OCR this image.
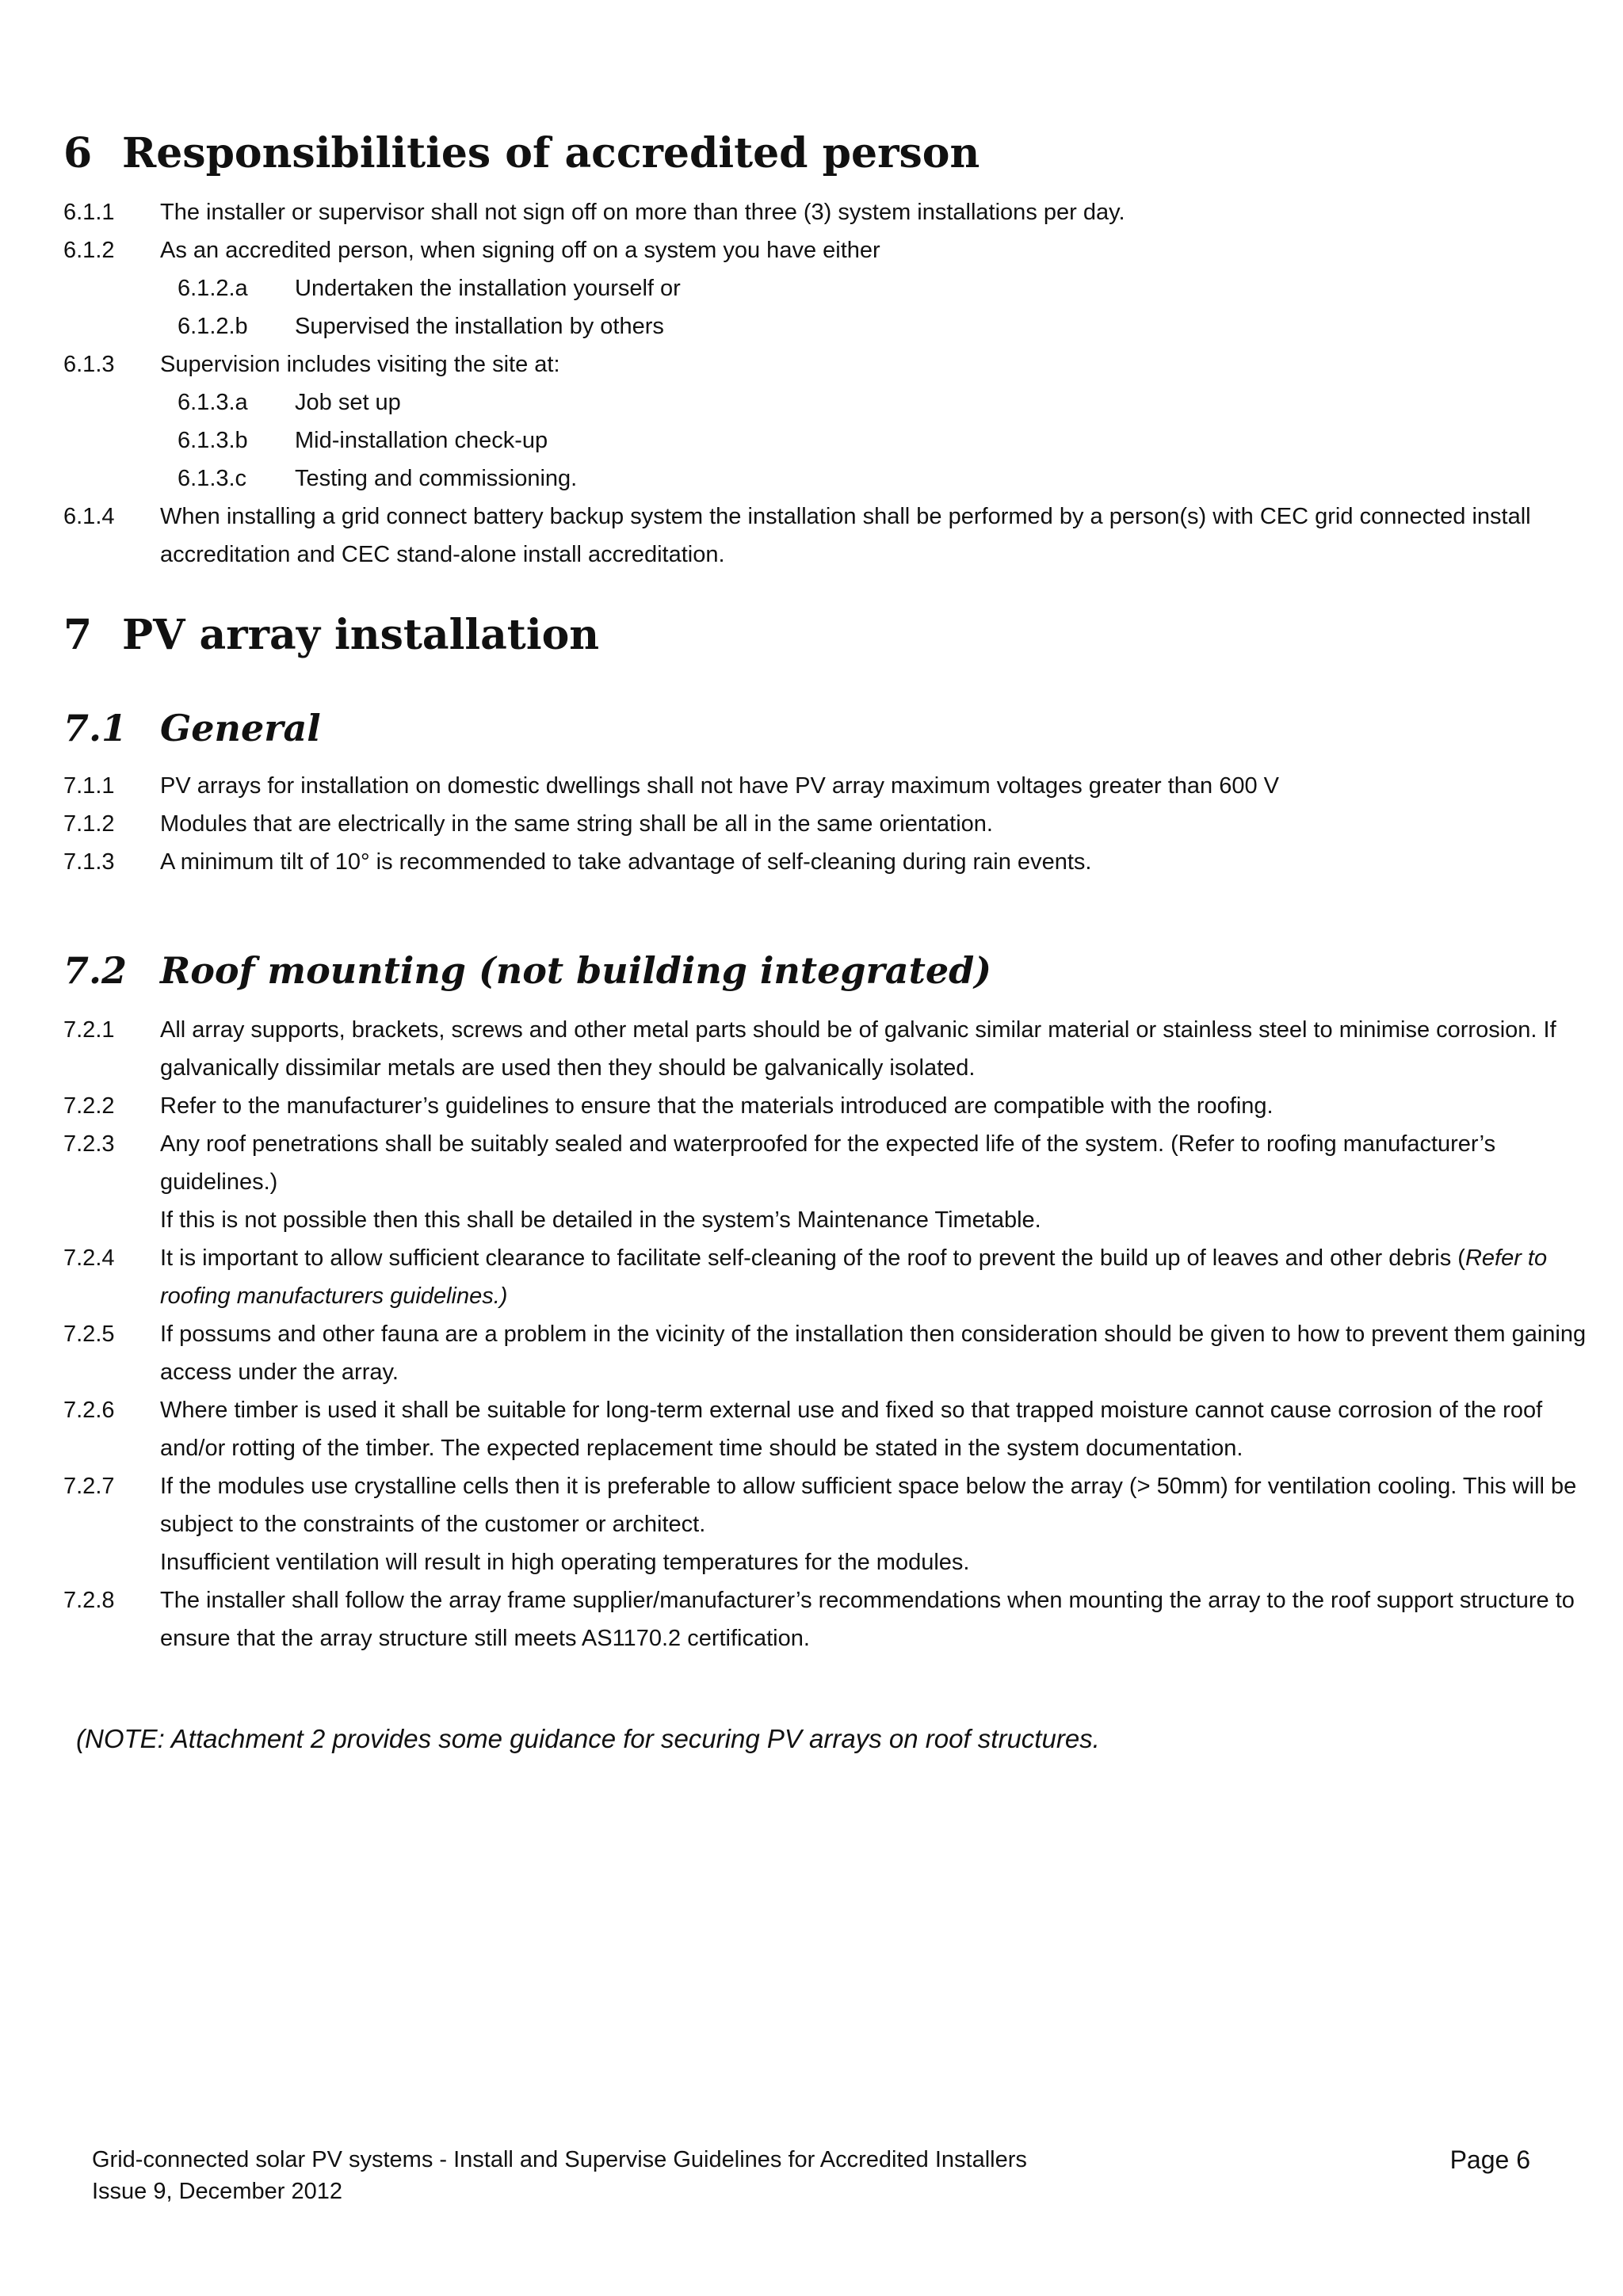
6 Responsibilities of accredited person
6.1.1 The installer or supervisor shall not sign off on more than three (3) system installations per day.
6.1.2 As an accredited person, when signing off on a system you have either
6.1.2.a Undertaken the installation yourself or
6.1.2.b Supervised the installation by others
6.1.3 Supervision includes visiting the site at:
6.1.3.a Job set up
6.1.3.b Mid-installation check-up
6.1.3.c Testing and commissioning.
6.1.4 When installing a grid connect battery backup system the installation shall be performed by a person(s) with CEC grid connected install accreditation and CEC stand-alone install accreditation.
7 PV array installation
7.1 General
7.1.1 PV arrays for installation on domestic dwellings shall not have PV array maximum voltages greater than 600 V
7.1.2 Modules that are electrically in the same string shall be all in the same orientation.
7.1.3 A minimum tilt of 10° is recommended to take advantage of self-cleaning during rain events.
7.2 Roof mounting (not building integrated)
7.2.1 All array supports, brackets, screws and other metal parts should be of galvanic similar material or stainless steel to minimise corrosion. If galvanically dissimilar metals are used then they should be galvanically isolated.
7.2.2 Refer to the manufacturer’s guidelines to ensure that the materials introduced are compatible with the roofing.
7.2.3 Any roof penetrations shall be suitably sealed and waterproofed for the expected life of the system. (Refer to roofing manufacturer’s guidelines.)
If this is not possible then this shall be detailed in the system’s Maintenance Timetable.
7.2.4 It is important to allow sufficient clearance to facilitate self-cleaning of the roof to prevent the build up of leaves and other debris (Refer to roofing manufacturers guidelines.)
7.2.5 If possums and other fauna are a problem in the vicinity of the installation then consideration should be given to how to prevent them gaining access under the array.
7.2.6 Where timber is used it shall be suitable for long-term external use and fixed so that trapped moisture cannot cause corrosion of the roof and/or rotting of the timber. The expected replacement time should be stated in the system documentation.
7.2.7 If the modules use crystalline cells then it is preferable to allow sufficient space below the array (> 50mm) for ventilation cooling. This will be subject to the constraints of the customer or architect.
Insufficient ventilation will result in high operating temperatures for the modules.
7.2.8 The installer shall follow the array frame supplier/manufacturer’s recommendations when mounting the array to the roof support structure to ensure that the array structure still meets AS1170.2 certification.

(NOTE: Attachment 2 provides some guidance for securing PV arrays on roof structures.

Grid-connected solar PV systems - Install and Supervise Guidelines for Accredited Installers
Issue 9, December 2012
Page 6
